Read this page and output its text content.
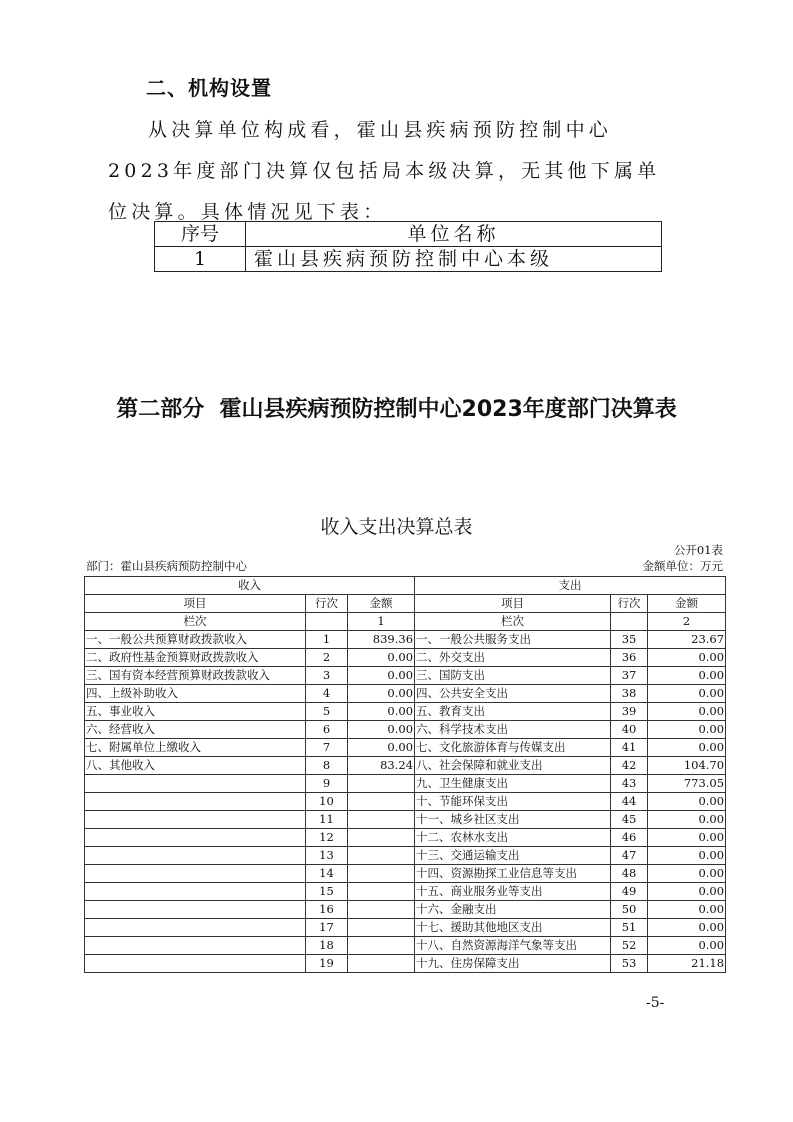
二、机构设置
从决算单位构成看，霍山县疾病预防控制中心2023年度部门决算仅包括局本级决算，无其他下属单位决算。具体情况见下表：
序号	单位名称
1	霍山县疾病预防控制中心本级
第二部分  霍山县疾病预防控制中心2023年度部门决算表
收入支出决算总表
公开01表
部门：霍山县疾病预防控制中心	金额单位：万元
收入			支出		
项目	行次	金额	项目	行次	金额
栏次		1	栏次		2
一、一般公共预算财政拨款收入	1	839.36	一、一般公共服务支出	35	23.67
二、政府性基金预算财政拨款收入	2	0.00	二、外交支出	36	0.00
三、国有资本经营预算财政拨款收入	3	0.00	三、国防支出	37	0.00
四、上级补助收入	4	0.00	四、公共安全支出	38	0.00
五、事业收入	5	0.00	五、教育支出	39	0.00
六、经营收入	6	0.00	六、科学技术支出	40	0.00
七、附属单位上缴收入	7	0.00	七、文化旅游体育与传媒支出	41	0.00
八、其他收入	8	83.24	八、社会保障和就业支出	42	104.70
	9		九、卫生健康支出	43	773.05
	10		十、节能环保支出	44	0.00
	11		十一、城乡社区支出	45	0.00
	12		十二、农林水支出	46	0.00
	13		十三、交通运输支出	47	0.00
	14		十四、资源勘探工业信息等支出	48	0.00
	15		十五、商业服务业等支出	49	0.00
	16		十六、金融支出	50	0.00
	17		十七、援助其他地区支出	51	0.00
	18		十八、自然资源海洋气象等支出	52	0.00
	19		十九、住房保障支出	53	21.18
-5-
